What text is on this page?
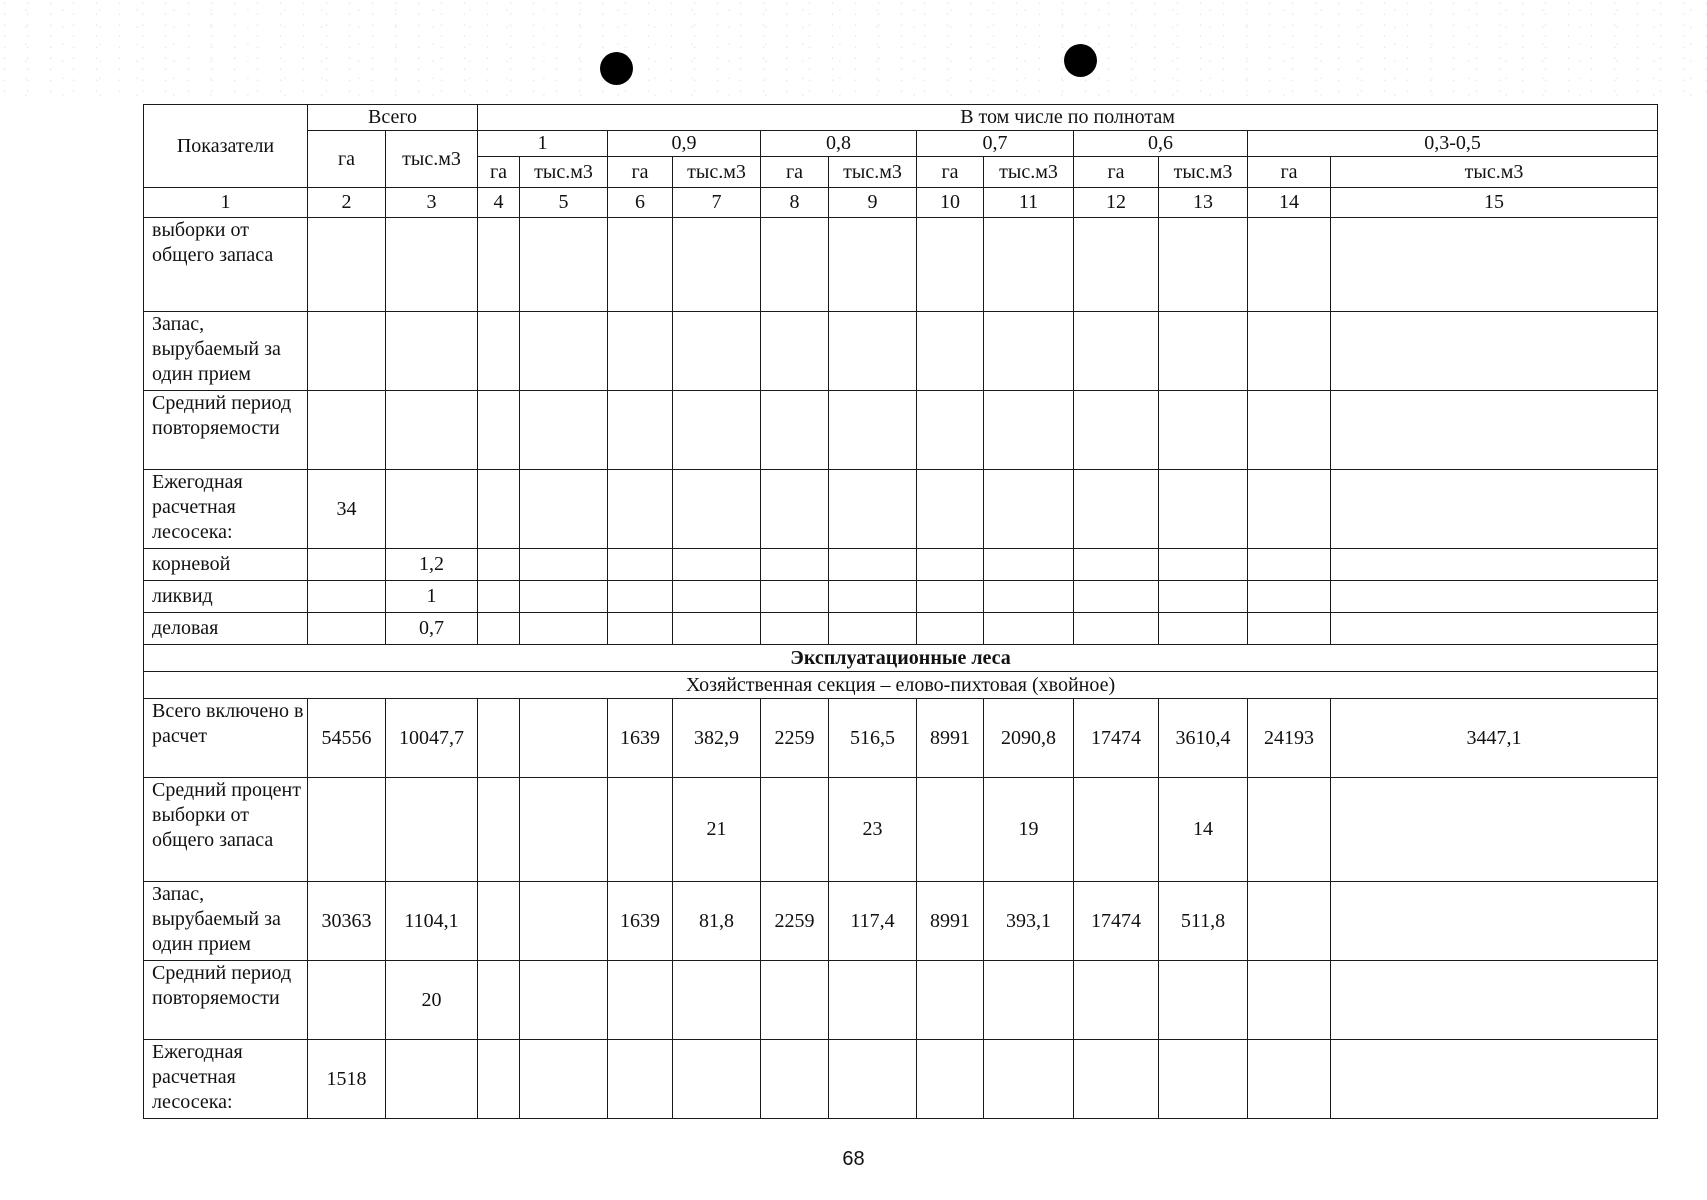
Показатели	Всего		В том числе по полнотам											
	га	тыс.м3	1		0,9		0,8		0,7		0,6		0,3-0,5	
			га	тыс.м3	га	тыс.м3	га	тыс.м3	га	тыс.м3	га	тыс.м3	га	тыс.м3
1	2	3	4	5	6	7	8	9	10	11	12	13	14	15
выборки от общего запаса														
Запас, вырубаемый за один прием														
Средний период повторяемости														
Ежегодная расчетная лесосека:	34													
корневой		1,2												
ликвид		1												
деловая		0,7												
Эксплуатационные леса														
Хозяйственная секция – елово-пихтовая (хвойное)														
Всего включено в расчет	54556	10047,7			1639	382,9	2259	516,5	8991	2090,8	17474	3610,4	24193	3447,1
Средний процент выборки от общего запаса						21		23		19		14		
Запас, вырубаемый за один прием	30363	1104,1			1639	81,8	2259	117,4	8991	393,1	17474	511,8		
Средний период повторяемости		20												
Ежегодная расчетная лесосека:	1518													
68
